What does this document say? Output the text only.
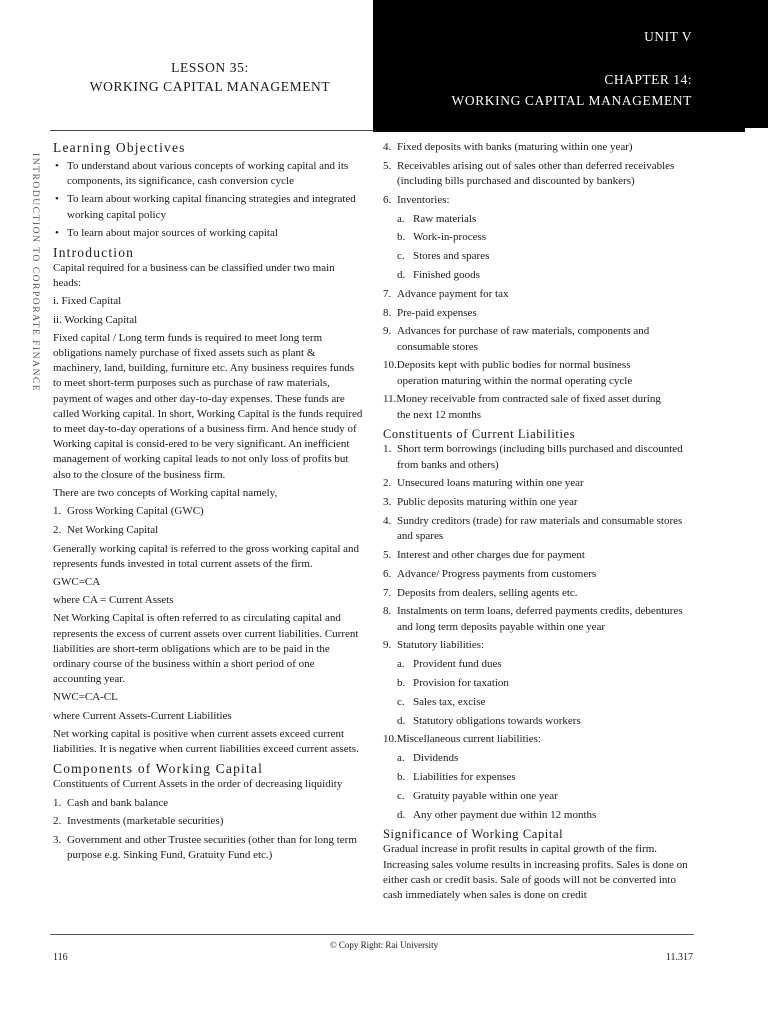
LESSON 35:
WORKING CAPITAL MANAGEMENT
UNIT V
CHAPTER 14:
WORKING CAPITAL MANAGEMENT
INTRODUCTION TO CORPORATE FINANCE
Learning Objectives
• To understand about various concepts of working capital and its components, its significance, cash conversion cycle
• To learn about working capital financing strategies and integrated working capital policy
• To learn about major sources of working capital
Introduction

Capital required for a business can be classified under two main heads:

i. Fixed Capital

ii. Working Capital

Fixed capital / Long term funds is required to meet long term obligations namely purchase of fixed assets such as plant & machinery, land, building, furniture etc. Any business requires funds to meet short-term purposes such as purchase of raw materials, payment of wages and other day-to-day expenses. These funds are called Working capital. In short, Working Capital is the funds required to meet day-to-day operations of a business firm. And hence study of Working capital is consid-ered to be very significant. An inefficient management of working capital leads to not only loss of profits but also to the closure of the business firm.

There are two concepts of Working capital namely,

1. Gross Working Capital (GWC)
2. Net Working Capital

Generally working capital is referred to the gross working capital and represents funds invested in total current assets of the firm.

GWC=CA

where CA = Current Assets

Net Working Capital is often referred to as circulating capital and represents the excess of current assets over current liabilities. Current liabilities are short-term obligations which are to be paid in the ordinary course of the business within a short period of one accounting year.

NWC=CA-CL

where Current Assets-Current Liabilities

Net working capital is positive when current assets exceed current liabilities. It is negative when current liabilities exceed current assets.

Components of Working Capital

Constituents of Current Assets in the order of decreasing liquidity

1. Cash and bank balance
2. Investments (marketable securities)
3. Government and other Trustee securities (other than for long term purpose e.g. Sinking Fund, Gratuity Fund etc.)
4. Fixed deposits with banks (maturing within one year)
5. Receivables arising out of sales other than deferred receivables (including bills purchased and discounted by bankers)
6. Inventories:
a. Raw materials
b. Work-in-process
c. Stores and spares
d. Finished goods
7. Advance payment for tax
8. Pre-paid expenses
9. Advances for purchase of raw materials, components and consumable stores
10.Deposits kept with public bodies for normal business
operation maturing within the normal operating cycle
11.Money receivable from contracted sale of fixed asset during
the next 12 months
Constituents of Current Liabilities
1. Short term borrowings (including bills purchased and discounted from banks and others)
2. Unsecured loans maturing within one year
3. Public deposits maturing within one year
4. Sundry creditors (trade) for raw materials and consumable stores and spares
5. Interest and other charges due for payment
6. Advance/ Progress payments from customers
7. Deposits from dealers, selling agents etc.
8. Instalments on term loans, deferred payments credits, debentures and long term deposits payable within one year
9. Statutory liabilities:
a. Provident fund dues
b. Provision for taxation
c. Sales tax, excise
d. Statutory obligations towards workers
10.Miscellaneous current liabilities:
a. Dividends
b. Liabilities for expenses
c. Gratuity payable within one year
d. Any other payment due within 12 months
Significance of Working Capital

Gradual increase in profit results in capital growth of the firm. Increasing sales volume results in increasing profits. Sales is done on either cash or credit basis. Sale of goods will not be converted into cash immediately when sales is done on credit

© Copy Right: Rai University
116	11.317
